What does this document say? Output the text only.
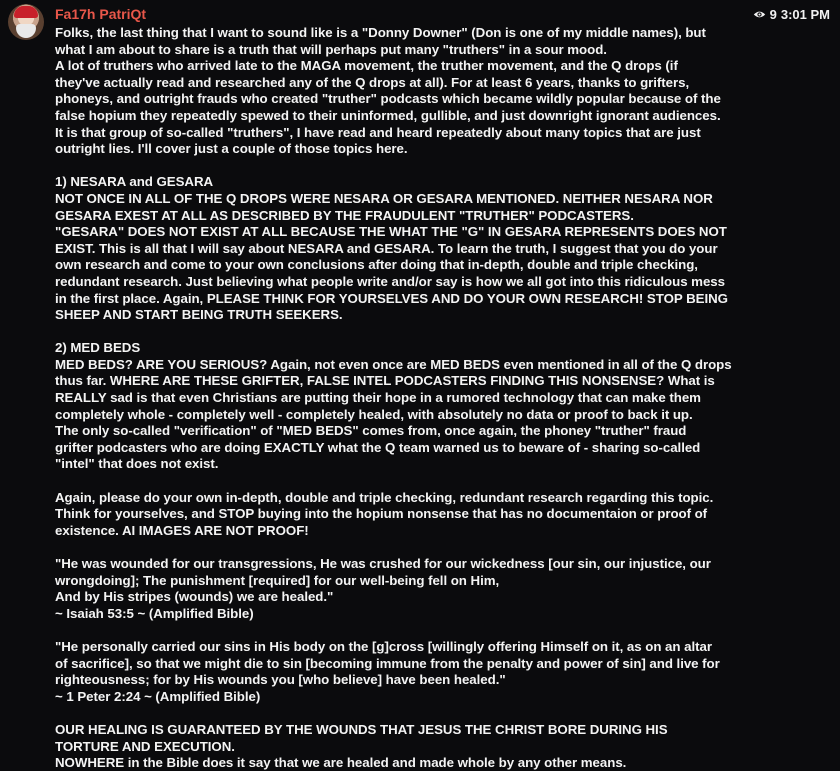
Fa17h PatriQt	9 3:01 PM

Folks, the last thing that I want to sound like is a "Donny Downer" (Don is one of my middle names), but
what I am about to share is a truth that will perhaps put many "truthers" in a sour mood.
A lot of truthers who arrived late to the MAGA movement, the truther movement, and the Q drops (if
they've actually read and researched any of the Q drops at all). For at least 6 years, thanks to grifters,
phoneys, and outright frauds who created "truther" podcasts which became wildly popular because of the
false hopium they repeatedly spewed to their uninformed, gullible, and just downright ignorant audiences.
It is that group of so-called "truthers", I have read and heard repeatedly about many topics that are just
outright lies. I'll cover just a couple of those topics here.

1) NESARA and GESARA
NOT ONCE IN ALL OF THE Q DROPS WERE NESARA OR GESARA MENTIONED. NEITHER NESARA NOR
GESARA EXEST AT ALL AS DESCRIBED BY THE FRAUDULENT "TRUTHER" PODCASTERS.
"GESARA" DOES NOT EXIST AT ALL BECAUSE THE WHAT THE "G" IN GESARA REPRESENTS DOES NOT
EXIST. This is all that I will say about NESARA and GESARA. To learn the truth, I suggest that you do your
own research and come to your own conclusions after doing that in-depth, double and triple checking,
redundant research. Just believing what people write and/or say is how we all got into this ridiculous mess
in the first place. Again, PLEASE THINK FOR YOURSELVES AND DO YOUR OWN RESEARCH! STOP BEING
SHEEP AND START BEING TRUTH SEEKERS.

2) MED BEDS
MED BEDS? ARE YOU SERIOUS? Again, not even once are MED BEDS even mentioned in all of the Q drops
thus far. WHERE ARE THESE GRIFTER, FALSE INTEL PODCASTERS FINDING THIS NONSENSE? What is
REALLY sad is that even Christians are putting their hope in a rumored technology that can make them
completely whole - completely well - completely healed, with absolutely no data or proof to back it up.
The only so-called "verification" of "MED BEDS" comes from, once again, the phoney "truther" fraud
grifter podcasters who are doing EXACTLY what the Q team warned us to beware of - sharing so-called
"intel" that does not exist.

Again, please do your own in-depth, double and triple checking, redundant research regarding this topic.
Think for yourselves, and STOP buying into the hopium nonsense that has no documentaion or proof of
existence. AI IMAGES ARE NOT PROOF!

"He was wounded for our transgressions, He was crushed for our wickedness [our sin, our injustice, our
wrongdoing]; The punishment [required] for our well-being fell on Him,
And by His stripes (wounds) we are healed."
~ Isaiah 53:5 ~ (Amplified Bible)

"He personally carried our sins in His body on the [g]cross [willingly offering Himself on it, as on an altar
of sacrifice], so that we might die to sin [becoming immune from the penalty and power of sin] and live for
righteousness; for by His wounds you [who believe] have been healed."
~ 1 Peter 2:24 ~ (Amplified Bible)

OUR HEALING IS GUARANTEED BY THE WOUNDS THAT JESUS THE CHRIST BORE DURING HIS
TORTURE AND EXECUTION.
NOWHERE in the Bible does it say that we are healed and made whole by any other means.
